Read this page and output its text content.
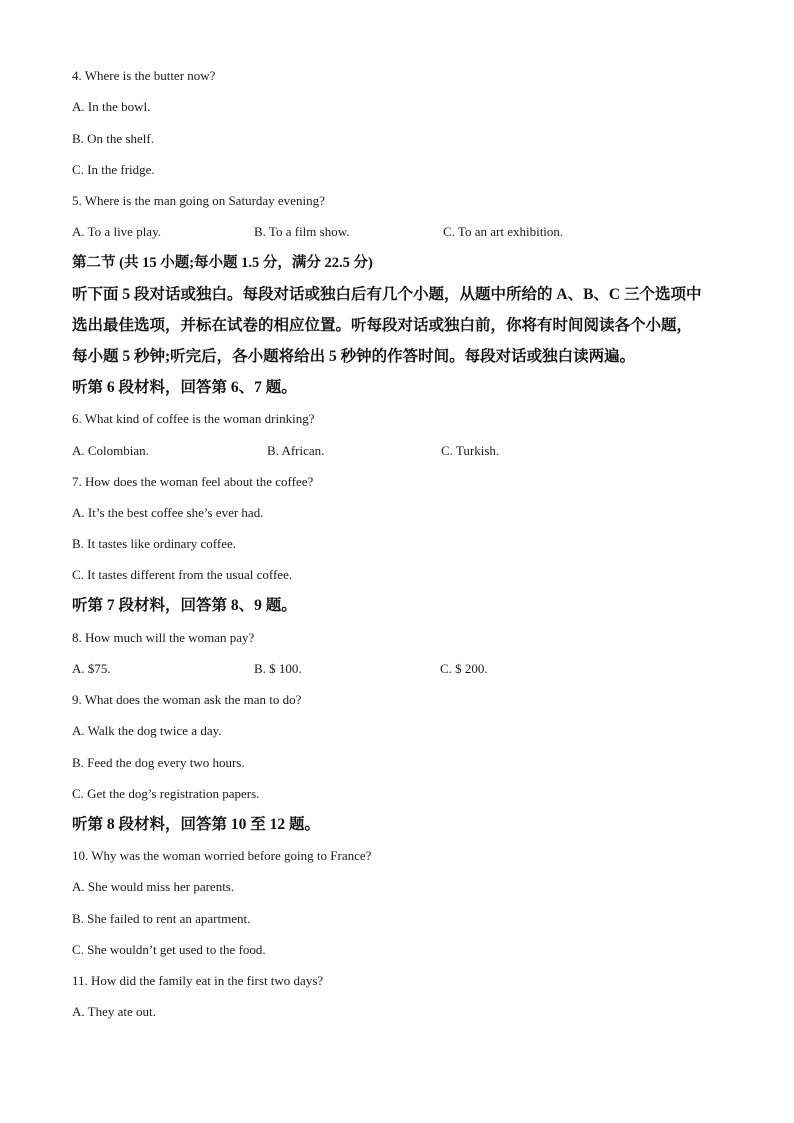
4. Where is the butter now?
A. In the bowl.
B. On the shelf.
C. In the fridge.
5. Where is the man going on Saturday evening?
A. To a live play.	B. To a film show.	C. To an art exhibition.
第二节 (共 15 小题;每小题 1.5 分，满分 22.5 分)
听下面 5 段对话或独白。每段对话或独白后有几个小题，从题中所给的 A、B、C 三个选项中
选出最佳选项，并标在试卷的相应位置。听每段对话或独白前，你将有时间阅读各个小题，
每小题 5 秒钟;听完后，各小题将给出 5 秒钟的作答时间。每段对话或独白读两遍。
听第 6 段材料，回答第 6、7 题。
6. What kind of coffee is the woman drinking?
A. Colombian.	B. African.	C. Turkish.
7. How does the woman feel about the coffee?
A. It’s the best coffee she’s ever had.
B. It tastes like ordinary coffee.
C. It tastes different from the usual coffee.
听第 7 段材料，回答第 8、9 题。
8. How much will the woman pay?
A. $75.	B. $ 100.	C. $ 200.
9. What does the woman ask the man to do?
A. Walk the dog twice a day.
B. Feed the dog every two hours.
C. Get the dog’s registration papers.
听第 8 段材料，回答第 10 至 12 题。
10. Why was the woman worried before going to France?
A. She would miss her parents.
B. She failed to rent an apartment.
C. She wouldn’t get used to the food.
11. How did the family eat in the first two days?
A. They ate out.
